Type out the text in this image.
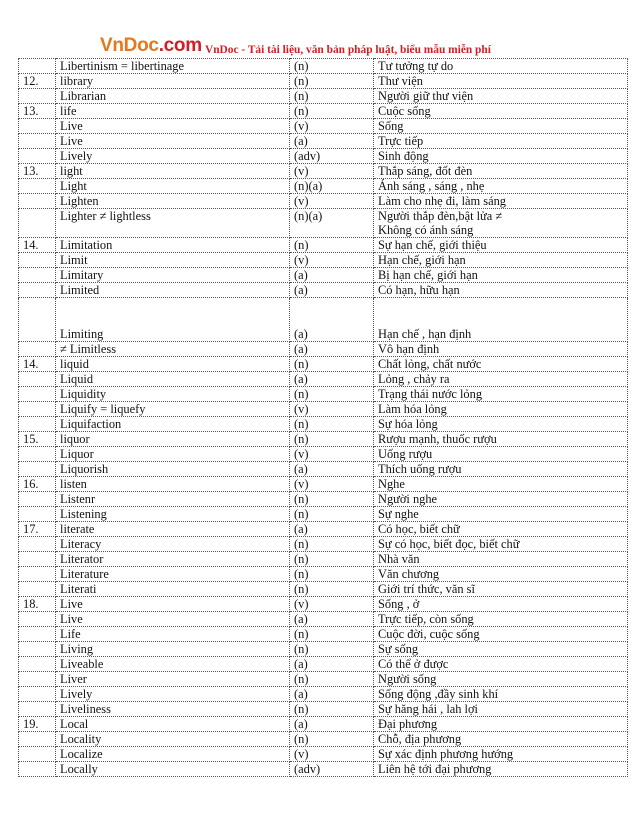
VnDoc.com VnDoc - Tải tài liệu, văn bản pháp luật, biểu mẫu miễn phí
	Libertinism = libertinage	(n)	Tư tưởng tự do
12.	library	(n)	Thư viện
	Librarian	(n)	Người giữ thư viện
13.	life	(n)	Cuộc sống
	Live	(v)	Sống
	Live	(a)	Trực tiếp
	Lively	(adv)	Sinh động
13.	light	(v)	Thắp sáng, đốt đèn
	Light	(n)(a)	Ánh sáng , sáng , nhẹ
	Lighten	(v)	Làm cho nhẹ đi, làm sáng
	Lighter ≠ lightless	(n)(a)	Người thắp đèn,bật lửa ≠
Không có ánh sáng
14.	Limitation	(n)	Sự hạn chế, giới thiệu
	Limit	(v)	Hạn chế, giới hạn
	Limitary	(a)	Bị hạn chế, giới hạn
	Limited	(a)	Có hạn, hữu hạn
	Limiting	(a)	Hạn chế , hạn định
	≠ Limitless	(a)	Vô hạn định
14.	liquid	(n)	Chất lỏng, chất nước
	Liquid	(a)	Lỏng , chảy ra
	Liquidity	(n)	Trạng thái nước lỏng
	Liquify = liquefy	(v)	Làm hóa lỏng
	Liquifaction	(n)	Sự hóa lỏng
15.	liquor	(n)	Rượu mạnh, thuốc rượu
	Liquor	(v)	Uống rượu
	Liquorish	(a)	Thích uống rượu
16.	listen	(v)	Nghe
	Listenr	(n)	Người nghe
	Listening	(n)	Sự nghe
17.	literate	(a)	Có học, biết chữ
	Literacy	(n)	Sự có học, biết đọc, biết chữ
	Literator	(n)	Nhà văn
	Literature	(n)	Văn chương
	Literati	(n)	Giới trí thức, văn sĩ
18.	Live	(v)	Sống , ở
	Live	(a)	Trực tiếp, còn sống
	Life	(n)	Cuộc đời, cuộc sống
	Living	(n)	Sự sống
	Liveable	(a)	Có thể ở được
	Liver	(n)	Người sống
	Lively	(a)	Sống động ,đầy sinh khí
	Liveliness	(n)	Sự hăng hái , lah lợi
19.	Local	(a)	Đại phương
	Locality	(n)	Chỗ, địa phương
	Localize	(v)	Sự xác định phương hướng
	Locally	(adv)	Liên hệ tới đại phương
